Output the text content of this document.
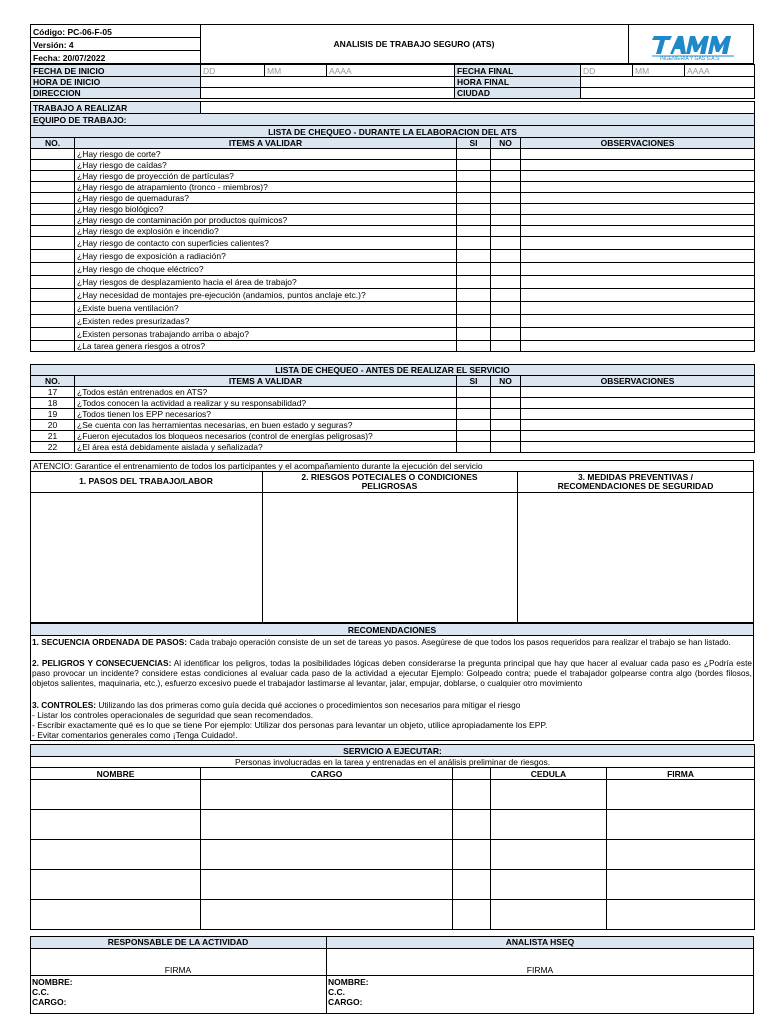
Código: PC-06-F-05
Versión: 4
Fecha: 20/07/2022
ANALISIS DE TRABAJO SEGURO (ATS)
INGENIERIA Y GAS S.A.S
FECHA DE INICIO	DD	MM	AAAA	FECHA FINAL	DD	MM	AAAA
HORA DE INICIO				HORA FINAL			
DIRECCION				CIUDAD			
TRABAJO A REALIZAR	
EQUIPO DE TRABAJO:
LISTA DE CHEQUEO - DURANTE LA ELABORACION DEL ATS				
NO.	ITEMS A VALIDAR	SI	NO	OBSERVACIONES
	¿Hay riesgo de corte?			
	¿Hay riesgo de caídas?			
	¿Hay riesgo de proyección de partículas?			
	¿Hay riesgo de atrapamiento (tronco - miembros)?			
	¿Hay riesgo de quemaduras?			
	¿Hay riesgo biológico?			
	¿Hay riesgo de contaminación por productos químicos?			
	¿Hay riesgo de explosión e incendio?			
	¿Hay riesgo de contacto con superficies calientes?			
	¿Hay riesgo de exposición a radiación?			
	¿Hay riesgo de choque eléctrico?			
	¿Hay riesgos de desplazamiento hacia el área de trabajo?			
	¿Hay necesidad de montajes pre-ejecución (andamios, puntos anclaje etc.)?			
	¿Existe buena ventilación?			
	¿Existen redes presurizadas?			
	¿Existen personas trabajando arriba o abajo?			
	¿La tarea genera riesgos a otros?			
LISTA DE CHEQUEO - ANTES DE REALIZAR EL SERVICIO				
NO.	ITEMS A VALIDAR	SI	NO	OBSERVACIONES
17	¿Todos están entrenados en ATS?			
18	¿Todos conocen la actividad a realizar y su responsabilidad?			
19	¿Todos tienen los EPP necesarios?			
20	¿Se cuenta con las herramientas necesarias, en buen estado y seguras?			
21	¿Fueron ejecutados los bloqueos necesarios (control de energías peligrosas)?			
22	¿El área está debidamente aislada y señalizada?			
ATENCIO: Garantice el entrenamiento de todos los participantes y el acompañamiento durante la ejecución del servicio
1. PASOS DEL TRABAJO/LABOR	2. RIESGOS POTECIALES O CONDICIONES
PELIGROSAS
3. MEDIDAS PREVENTIVAS /
RECOMENDACIONES DE SEGURIDAD
RECOMENDACIONES
1. SECUENCIA ORDENADA DE PASOS: Cada trabajo operación consiste de un set de tareas yo pasos. Asegúrese de que todos los pasos requeridos para realizar el trabajo se han listado.
2. PELIGROS Y CONSECUENCIAS: Al identificar los peligros, todas la posibilidades lógicas deben considerarse la pregunta principal que hay que hacer al evaluar cada paso es ¿Podría este paso provocar un incidente? considere estas condiciones al evaluar cada paso de la actividad a ejecutar Ejemplo: Golpeado contra; puede el trabajador golpearse contra algo (bordes filosos, objetos salientes, maquinaria, etc.), esfuerzo excesivo puede el trabajador lastimarse al levantar, jalar, empujar, doblarse, o cualquier otro movimiento
3. CONTROLES: Utilizando las dos primeras como guía decida qué acciones o procedimientos son necesarios para mitigar el riesgo
- Listar los controles operacionales de seguridad que sean recomendados.
- Escribir exactamente qué es lo que se tiene Por ejemplo: Utilizar dos personas para levantar un objeto, utilice apropiadamente los EPP.
- Evitar comentarios generales como ¡Tenga Cuidado!.
SERVICIO A EJECUTAR:				
Personas involucradas en la tarea y entrenadas en el análisis preliminar de riesgos.				
NOMBRE	CARGO		CEDULA	FIRMA

RESPONSABLE DE LA ACTIVIDAD	ANALISTA HSEQ
FIRMA	FIRMA
NOMBRE:
C.C.
CARGO:
NOMBRE:
C.C.
CARGO:
